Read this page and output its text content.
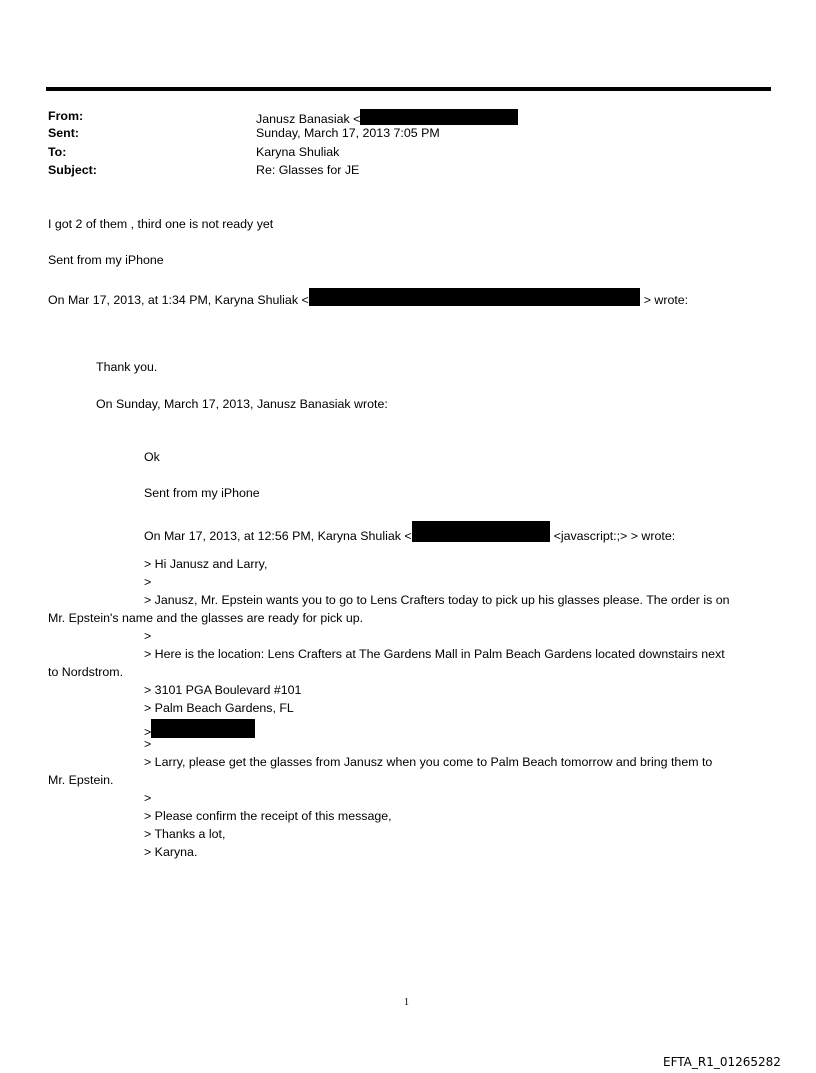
From:	Janusz Banasiak <
Sent:	Sunday, March 17, 2013 7:05 PM
To:	Karyna Shuliak
Subject:	Re: Glasses for JE
I got 2 of them , third one is not ready yet
Sent from my iPhone
On Mar 17, 2013, at 1:34 PM, Karyna Shuliak <	> wrote:
Thank you.
On Sunday, March 17, 2013, Janusz Banasiak wrote:
Ok
Sent from my iPhone
On Mar 17, 2013, at 12:56 PM, Karyna Shuliak <	<javascript:;> > wrote:
> Hi Janusz and Larry,
>
> Janusz, Mr. Epstein wants you to go to Lens Crafters today to pick up his glasses please. The order is on
Mr. Epstein's name and the glasses are ready for pick up.
>
> Here is the location: Lens Crafters at The Gardens Mall in Palm Beach Gardens located downstairs next
to Nordstrom.
> 3101 PGA Boulevard #101
> Palm Beach Gardens, FL
>
>
> Larry, please get the glasses from Janusz when you come to Palm Beach tomorrow and bring them to
Mr. Epstein.
>
> Please confirm the receipt of this message,
> Thanks a lot,
> Karyna.
1
EFTA_R1_01265282
